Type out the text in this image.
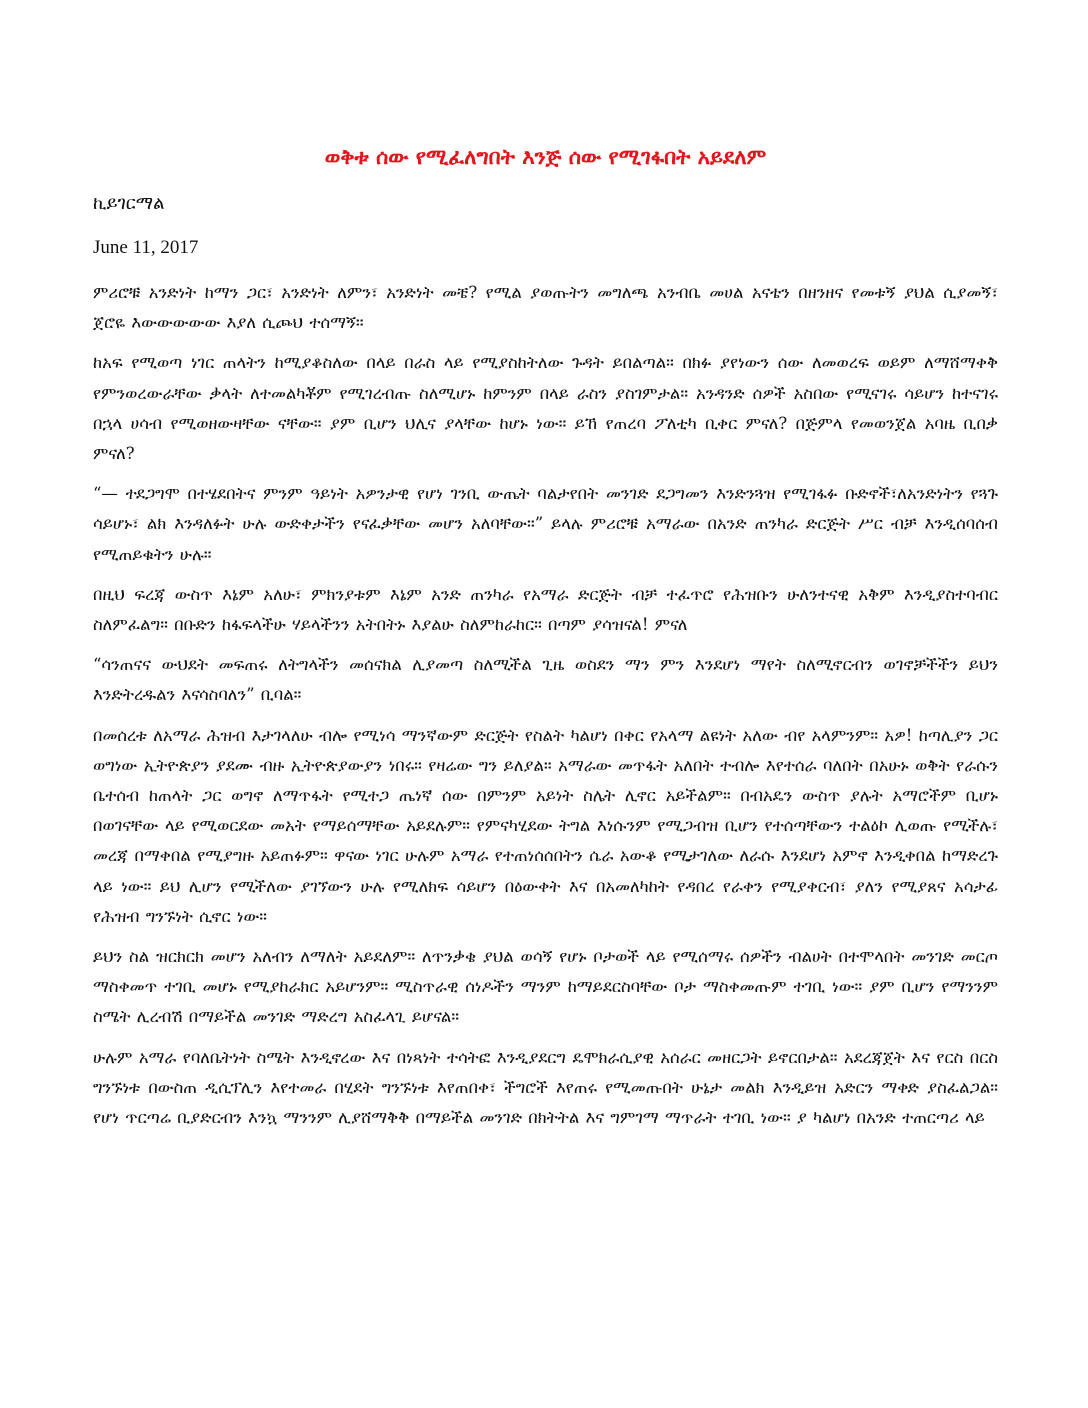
ወቅቱ ሰው የሚፈለግበት እንጅ ሰው የሚገፋበት አይደለም
ኪይገርማል
June 11, 2017

ምሪሮቹ አንድነት ከማን ጋር፣ አንድነት ለምን፣ አንድነት መቼ? የሚል ያወጡትን መግለጫ አንብቤ መሀል አናቴን በዘንዘና የመቱኝ ያህል ሲያመኝ፣ ጀሮዬ እውውውውው እያለ ሲጮህ ተሰማኝ።

ከአፍ የሚወጣ ነገር ጠላትን ከሚያቆስለው በላይ በራስ ላይ የሚያስከትለው ጉዳት ይበልጣል። በክፉ ያየነውን ሰው ለመወረፍ ወይም ለማሸማቀቅ የምንወረውራቸው ቃላት ለተመልካቾም የሚገረብጡ ስለሚሆኑ ከምንም በላይ ራስን ያስገምታል። አንዳንድ ሰዎች አስበው የሚናገሩ ሳይሆን ከተናገሩ በኋላ ሀሳብ የሚወዘውዛቸው ናቸው። ያም ቢሆን ህሊና ያላቸው ከሆኑ ነው። ይኸ የጠረባ ፖለቲካ ቢቀር ምናለ? በጅምላ የመወንጀል አባዜ ቢበቃ ምናለ?

“— ተደጋግሞ በተሄደበትና ምንም ዓይነት አዎንታዊ የሆነ ገንቢ ውጤት ባልታየበት መንገድ ደጋግመን እንድንጓዝ የሚገፋፉ ቡድኖች፣ለአንድነትን የጓጉ ሳይሆኑ፣ ልክ እንዳለፉት ሁሉ ውድቀታችን የናፈቃቸው መሆን አለባቸው።” ይላሉ ምሪሮቹ አማራው በአንድ ጠንካራ ድርጅት ሥር ብቻ እንዲሰባሰብ የሚጠይቁትን ሁሉ።

በዚህ ፍረጃ ውስጥ እኔም አለሁ፣ ምክንያቱም እኔም አንድ ጠንካራ የአማራ ድርጅት ብቻ ተፈጥሮ የሕዝቡን ሁለንተናዊ አቅም እንዲያስተባብር ስለምፈልግ። በቡድን ከፋፍላችሁ ሃይላችንን አትበትኑ እያልሁ ስለምከራከር። በጣም ያሳዝናል! ምናለ

“ሳንጠናና ውህደት መፍጠሩ ለትግላችን መሰናክል ሊያመጣ ስለሚችል ጊዜ ወስደን ማን ምን እንደሆነ ማየት ስለሚኖርብን ወገኖቻችችን ይህን እንድትረዱልን እናሳስባለን” ቢባል።

በመሰረቱ ለአማራ ሕዝብ እታገላለሁ ብሎ የሚነሳ ማንኛውም ድርጅት የስልት ካልሆነ በቀር የአላማ ልዩነት አለው ብየ አላምንም። አዎ! ከጣሊያን ጋር ወግነው ኢትዮጵያን ያደሙ ብዙ ኢትዮጵያውያን ነበሩ። የዛሬው ግን ይለያል። አማራው መጥፋት አለበት ተብሎ እየተሰራ ባለበት በአሁኑ ወቅት የራሱን ቤተሰብ ከጠላት ጋር ወግኖ ለማጥፋት የሚተጋ ጤነኛ ሰው በምንም አይነት ስሌት ሊኖር አይችልም። በብአዴን ውስጥ ያሉት አማሮችም ቢሆኑ በወገናቸው ላይ የሚወርደው መአት የማይሰማቸው አይደሉም። የምናካሂደው ትግል እነሱንም የሚጋብዝ ቢሆን የተሰጣቸውን ተልዕኮ ሊወጡ የሚችሉ፣ መረጃ በማቀበል የሚያግዙ አይጠፉም። ዋናው ነገር ሁሉም አማራ የተጠነሰሰበትን ሴራ አውቆ የሚታገለው ለራሱ እንደሆነ አምኖ እንዲቀበል ከማድረጉ ላይ ነው። ይህ ሊሆን የሚችለው ያገኘውን ሁሉ የሚለክፍ ሳይሆን በዕውቀት እና በአመለካከት የዳበረ የራቀን የሚያቀርብ፣ ያለን የሚያጸና አሳታፊ የሕዝብ ግንኙነት ሲኖር ነው።

ይህን ስል ዝርክርክ መሆን አለብን ለማለት አይደለም። ለጥንቃቄ ያህል ወሳኝ የሆኑ ቦታወች ላይ የሚሰማሩ ሰዎችን ብልሀት በተሞላበት መንገድ መርጦ ማስቀመጥ ተገቢ መሆኑ የሚያከራክር አይሆንም። ሚስጥራዊ ሰነዶችን ማንም ከማይደርስባቸው ቦታ ማስቀመጡም ተገቢ ነው። ያም ቢሆን የማንንም ስሜት ሊረብሽ በማይችል መንገድ ማድረግ አስፈላጊ ይሆናል።

ሁሉም አማራ የባለቤትነት ስሜት እንዲኖረው እና በነጻነት ተሳትፎ እንዲያደርግ ዴሞክራሲያዊ አሰራር መዘርጋት ይኖርበታል። አደረጃጀት እና የርስ በርስ ግንኙነቱ በውስጠ ዲሲፕሊን እየተመራ በሂደት ግንኙነቱ እየጠበቀ፣ ችግሮች እየጠሩ የሚመጡበት ሁኔታ መልክ እንዲይዝ አድርን ማቀድ ያስፈልጋል። የሆነ ጥርጣሬ ቢያድርብን እንኳ ማንንም ሊያሸማቅቅ በማይችል መንገድ በክትትል እና ግምገማ ማጥራት ተገቢ ነው። ያ ካልሆነ በአንድ ተጠርጣሪ ላይ
